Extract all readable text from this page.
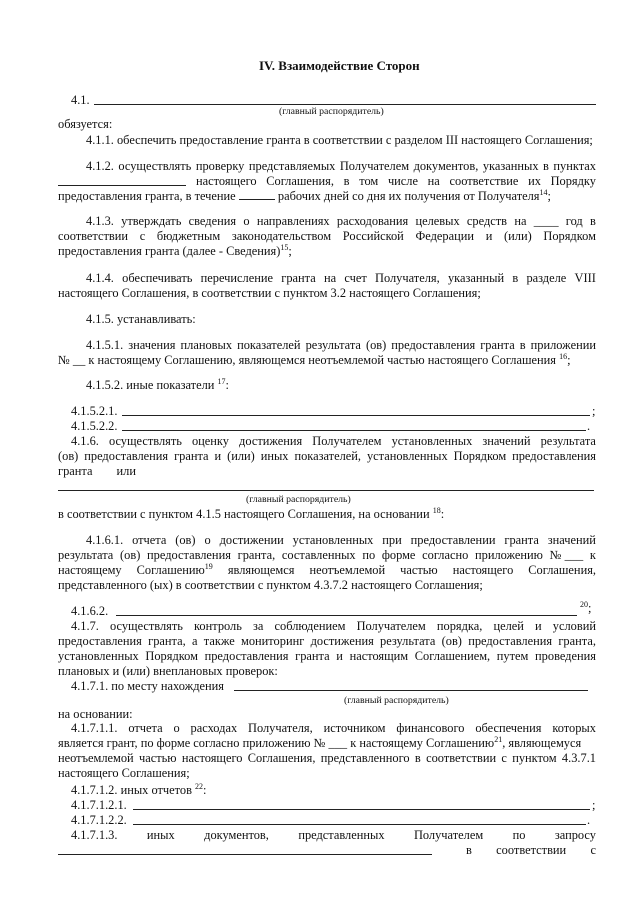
IV. Взаимодействие Сторон
4.1.
(главный распорядитель)
обязуется:
4.1.1. обеспечить предоставление гранта в соответствии с разделом III настоящего Соглашения;
4.1.2. осуществлять проверку представляемых Получателем документов, указанных в пунктах
настоящего Соглашения, в том числе на соответствие их Порядку
предоставления гранта, в течение	рабочих дней со дня их получения от Получателя$^{14}$;
4.1.3. утверждать сведения о направлениях расходования целевых средств на ____ год в
соответствии с бюджетным законодательством Российской Федерации и (или) Порядком
предоставления гранта (далее - Сведения)$^{15}$;
4.1.4. обеспечивать перечисление гранта на счет Получателя, указанный в разделе VIII
настоящего Соглашения, в соответствии с пунктом 3.2 настоящего Соглашения;
4.1.5. устанавливать:
4.1.5.1. значения плановых показателей результата (ов) предоставления гранта в приложении
№ __ к настоящему Соглашению, являющемся неотъемлемой частью настоящего Соглашения $^{16}$;
4.1.5.2. иные показатели $^{17}$:
4.1.5.2.1.	;
4.1.5.2.2.	.
4.1.6. осуществлять оценку достижения Получателем установленных значений результата
(ов) предоставления гранта и (или) иных показателей, установленных Порядком предоставления
гранта или
(главный распорядитель)
в соответствии с пунктом 4.1.5 настоящего Соглашения, на основании $^{18}$:
4.1.6.1. отчета (ов) о достижении установленных при предоставлении гранта значений
результата (ов) предоставления гранта, составленных по форме согласно приложению № ___ к
настоящему Соглашению$^{19}$ являющемся неотъемлемой частью настоящего Соглашения,
представленного (ых) в соответствии с пунктом 4.3.7.2 настоящего Соглашения;
4.1.6.2.	$^{20}$;
4.1.7. осуществлять контроль за соблюдением Получателем порядка, целей и условий
предоставления гранта, а также мониторинг достижения результата (ов) предоставления гранта,
установленных Порядком предоставления гранта и настоящим Соглашением, путем проведения
плановых и (или) внеплановых проверок:
4.1.7.1. по месту нахождения
(главный распорядитель)
на основании:
4.1.7.1.1. отчета о расходах Получателя, источником финансового обеспечения которых
является грант, по форме согласно приложению № ___ к настоящему Соглашению$^{21}$, являющемуся
неотъемлемой частью настоящего Соглашения, представленного в соответствии с пунктом 4.3.7.1
настоящего Соглашения;
4.1.7.1.2. иных отчетов $^{22}$:
4.1.7.1.2.1.	;
4.1.7.1.2.2.	.
4.1.7.1.3. иных документов, представленных Получателем по запросу
в соответствии с
